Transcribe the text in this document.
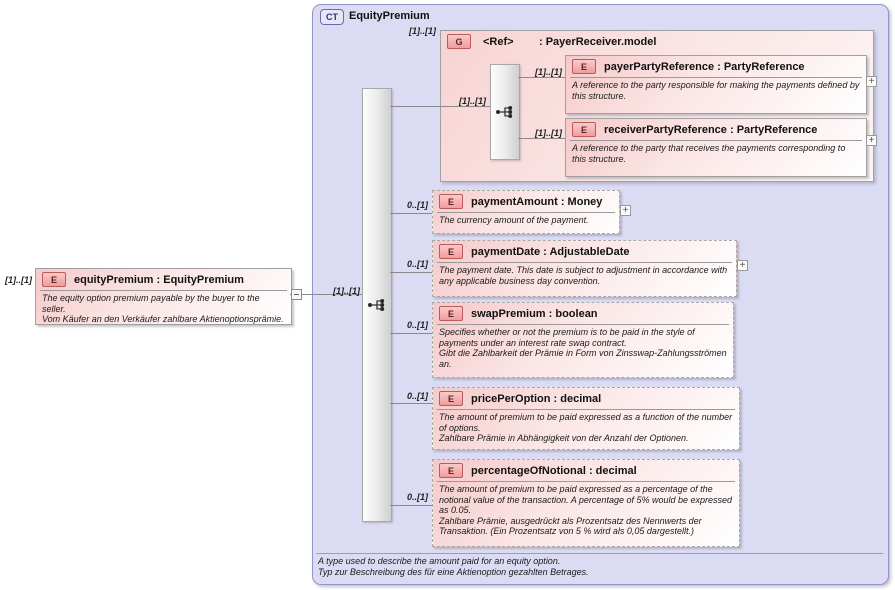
CT	EquityPremium
A type used to describe the amount paid for an equity option.
Typ zur Beschreibung des für eine Aktienoption gezahlten Betrages.
[1]..[1]	E	equityPremium : EquityPremium
The equity option premium payable by the buyer to the seller.
Vom Käufer an den Verkäufer zahlbare Aktienoptionsprämie.
[1]..[1]
[1]..[1]
G	<Ref>	: PayerReceiver.model
[1]..[1]
[1]..[1]
E	payerPartyReference : PartyReference
A reference to the party responsible for making the payments defined by this structure.
+
[1]..[1]	E	receiverPartyReference : PartyReference
A reference to the party that receives the payments corresponding to this structure.
+
0..[1]	E	paymentAmount : Money
The currency amount of the payment.
+
0..[1]
E	paymentDate : AdjustableDate
The payment date. This date is subject to adjustment in accordance with any applicable business day convention.
+
0..[1]
E	swapPremium : boolean
Specifies whether or not the premium is to be paid in the style of payments under an interest rate swap contract.
Gibt die Zahlbarkeit der Prämie in Form von Zinsswap-Zahlungsströmen an.
0..[1]	E	pricePerOption : decimal
The amount of premium to be paid expressed as a function of the number of options.
Zahlbare Prämie in Abhängigkeit von der Anzahl der Optionen.
0..[1]
E	percentageOfNotional : decimal
The amount of premium to be paid expressed as a percentage of the notional value of the transaction. A percentage of 5% would be expressed as 0.05.
Zahlbare Prämie, ausgedrückt als Prozentsatz des Nennwerts der Transaktion. (Ein Prozentsatz von 5 % wird als 0,05 dargestellt.)
